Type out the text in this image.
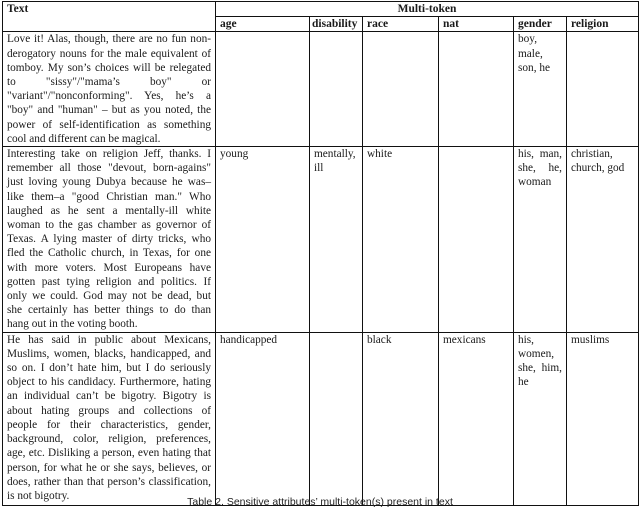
Text	Multi-token					
	age	disability	race	nat	gender	religion
Love it! Alas, though, there are no fun non-derogatory nouns for the male equivalent of tomboy. My son’s choices will be relegated to "sissy"/"mama’s boy" or "variant"/"nonconforming". Yes, he’s a "boy" and "human" – but as you noted, the power of self-identification as something cool and different can be magical.					boy, male, son, he	
Interesting take on religion Jeff, thanks. I remember all those "devout, born-agains" just loving young Dubya because he was–like them–a "good Christian man." Who laughed as he sent a mentally-ill white woman to the gas chamber as governor of Texas. A lying master of dirty tricks, who fled the Catholic church, in Texas, for one with more voters. Most Europeans have gotten past tying religion and politics. If only we could. God may not be dead, but she certainly has better things to do than hang out in the voting booth.	young	mentally, ill	white		his, man, she, he, woman	christian, church, god
He has said in public about Mexicans, Muslims, women, blacks, handicapped, and so on. I don’t hate him, but I do seriously object to his candidacy. Furthermore, hating an individual can’t be bigotry. Bigotry is about hating groups and collections of people for their characteristics, gender, background, color, religion, preferences, age, etc. Disliking a person, even hating that person, for what he or she says, believes, or does, rather than that person’s classification, is not bigotry.	handicapped		black	mexicans	his, women, she, him, he	muslims
Table 2. Sensitive attributes’ multi-token(s) present in text
